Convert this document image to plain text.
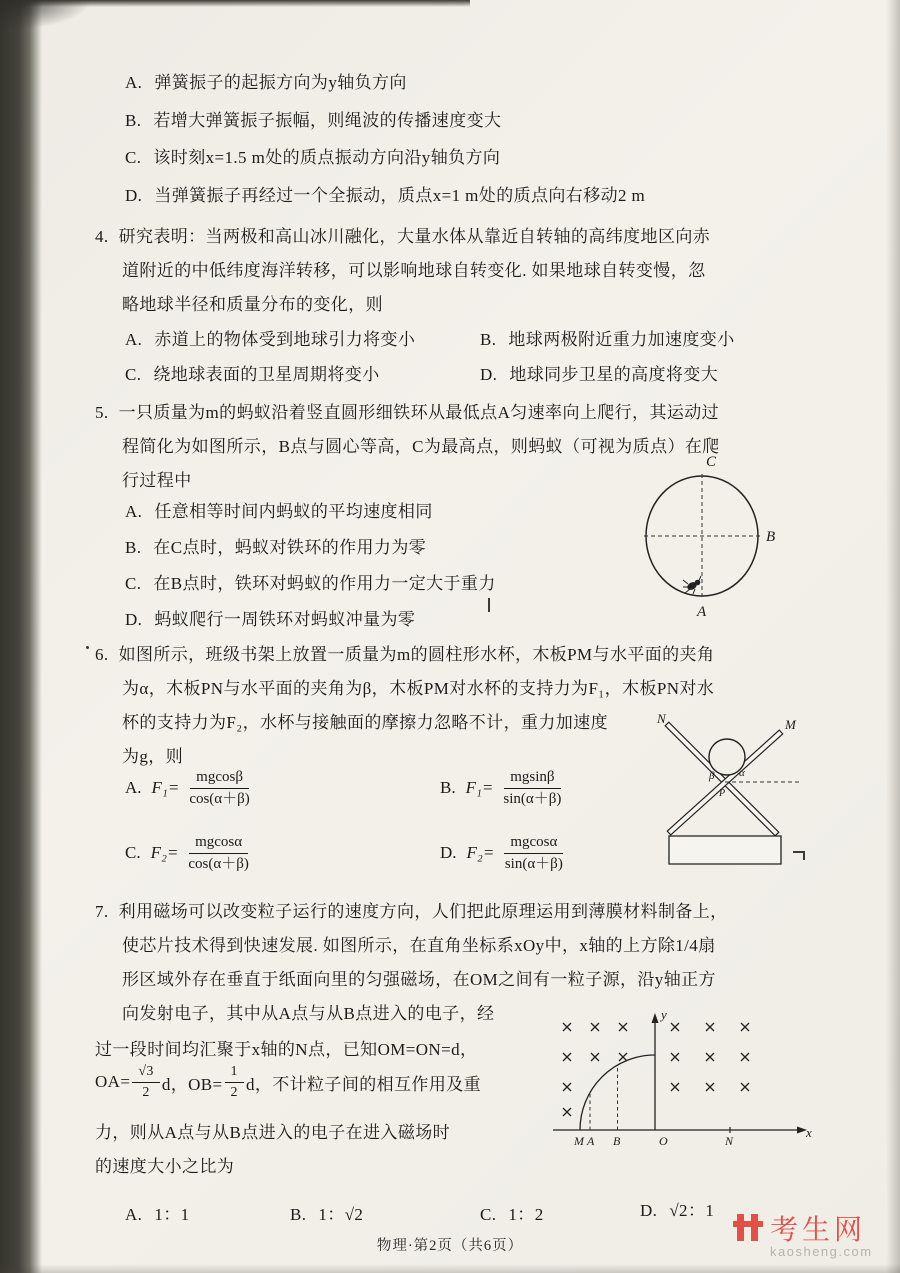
A. 弹簧振子的起振方向为y轴负方向
B. 若增大弹簧振子振幅，则绳波的传播速度变大
C. 该时刻x=1.5 m处的质点振动方向沿y轴负方向
D. 当弹簧振子再经过一个全振动，质点x=1 m处的质点向右移动2 m
4. 研究表明：当两极和高山冰川融化，大量水体从靠近自转轴的高纬度地区向赤
道附近的中低纬度海洋转移，可以影响地球自转变化. 如果地球自转变慢，忽
略地球半径和质量分布的变化，则
A. 赤道上的物体受到地球引力将变小	B. 地球两极附近重力加速度变小
C. 绕地球表面的卫星周期将变小	D. 地球同步卫星的高度将变大
5. 一只质量为m的蚂蚁沿着竖直圆形细铁环从最低点A匀速率向上爬行，其运动过
程简化为如图所示，B点与圆心等高，C为最高点，则蚂蚁（可视为质点）在爬
行过程中
A. 任意相等时间内蚂蚁的平均速度相同
B. 在C点时，蚂蚁对铁环的作用力为零
C. 在B点时，铁环对蚂蚁的作用力一定大于重力
D. 蚂蚁爬行一周铁环对蚂蚁冲量为零
C
B
A
6. 如图所示，班级书架上放置一质量为m的圆柱形水杯，木板PM与水平面的夹角
为α，木板PN与水平面的夹角为β，木板PM对水杯的支持力为F₁，木板PN对水
杯的支持力为F₂，水杯与接触面的摩擦力忽略不计，重力加速度
为g，则
A. $F_1= \frac{mgcos\beta}{\cos(\alpha+\beta)}$	B. $F_1= \frac{mgsin\beta}{\sin(\alpha+\beta)}$
C. $F_2= \frac{mgcos\alpha}{\cos(\alpha+\beta)}$	D. $F_2= \frac{mgcos\alpha}{\sin(\alpha+\beta)}$
N	M
β α
P
7. 利用磁场可以改变粒子运行的速度方向，人们把此原理运用到薄膜材料制备上，
使芯片技术得到快速发展. 如图所示，在直角坐标系xOy中，x轴的上方除1/4扇
形区域外存在垂直于纸面向里的匀强磁场，在OM之间有一粒子源，沿y轴正方
向发射电子，其中从A点与从B点进入的电子，经
过一段时间均汇聚于x轴的N点，已知OM=ON=d，
$OA= \frac{√3}{2}$ d，$OB= \frac{1}{2}$ d，不计粒子间的相互作用及重
力，则从A点与从B点进入的电子在进入磁场时
的速度大小之比为
A. 1：1	B. 1：√2	C. 1：2	D. √2：1
M A B	O	N
x
y
物理·第2页（共6页）	考生网
kaosheng.com
